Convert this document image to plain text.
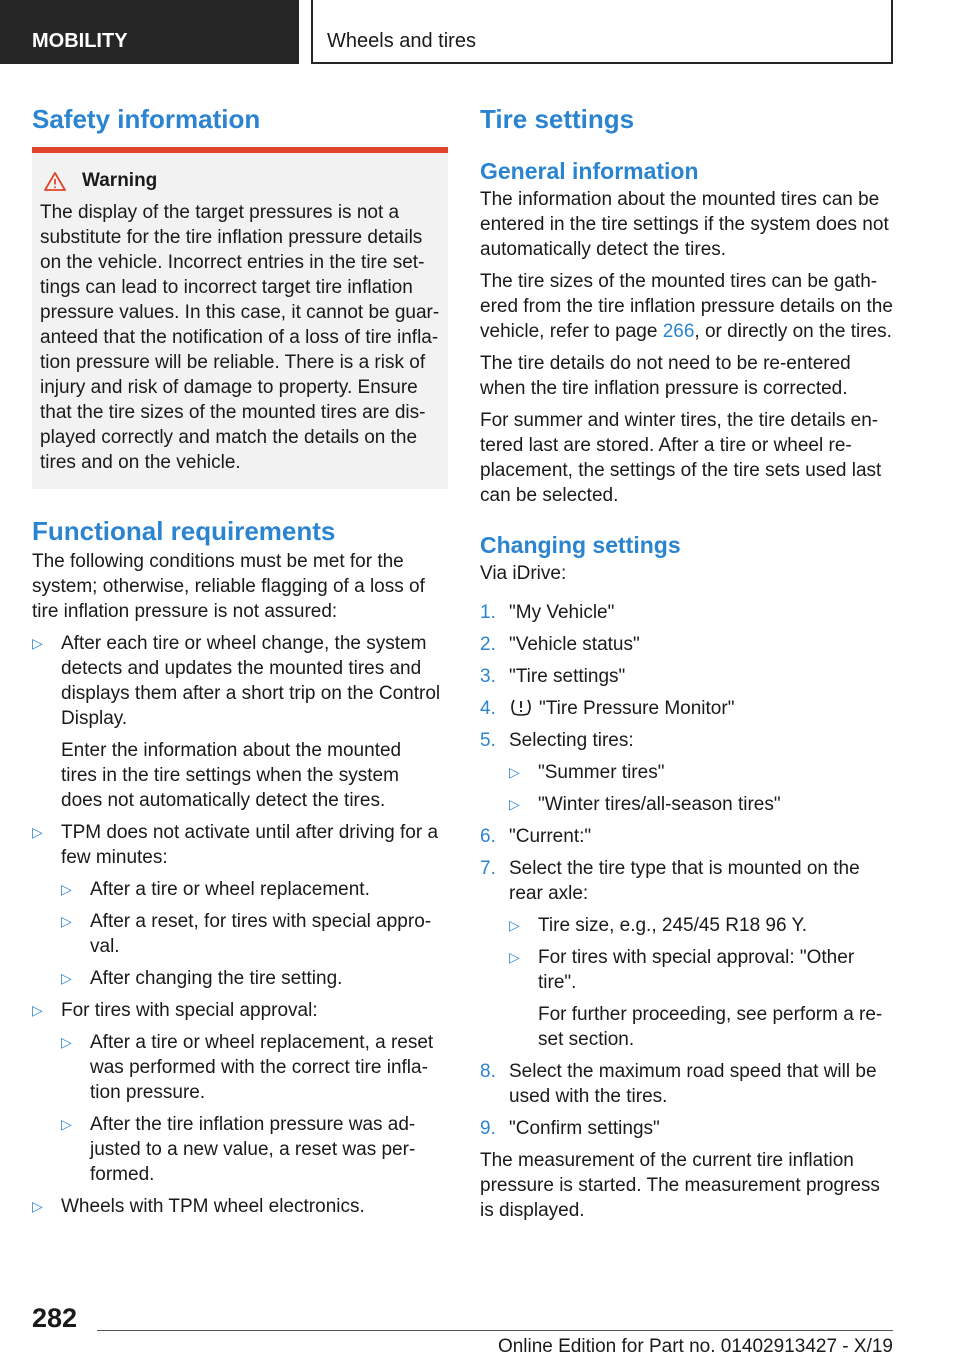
MOBILITY	Wheels and tires
Safety information
Warning

The display of the target pressures is not a
substitute for the tire inflation pressure details
on the vehicle. Incorrect entries in the tire set‐
tings can lead to incorrect target tire inflation
pressure values. In this case, it cannot be guar‐
anteed that the notification of a loss of tire infla‐
tion pressure will be reliable. There is a risk of
injury and risk of damage to property. Ensure
that the tire sizes of the mounted tires are dis‐
played correctly and match the details on the
tires and on the vehicle.

Functional requirements

The following conditions must be met for the
system; otherwise, reliable flagging of a loss of
tire inflation pressure is not assured:

▷ After each tire or wheel change, the system
detects and updates the mounted tires and
displays them after a short trip on the Control
Display.
Enter the information about the mounted
tires in the tire settings when the system
does not automatically detect the tires.
▷ TPM does not activate until after driving for a
few minutes:
▷ After a tire or wheel replacement.
▷ After a reset, for tires with special appro‐
val.
▷ After changing the tire setting.
▷ For tires with special approval:
▷ After a tire or wheel replacement, a reset
was performed with the correct tire infla‐
tion pressure.
▷ After the tire inflation pressure was ad‐
justed to a new value, a reset was per‐
formed.
▷ Wheels with TPM wheel electronics.
Tire settings
General information

The information about the mounted tires can be
entered in the tire settings if the system does not
automatically detect the tires.

The tire sizes of the mounted tires can be gath‐
ered from the tire inflation pressure details on the
vehicle, refer to page 266, or directly on the tires.

The tire details do not need to be re-entered
when the tire inflation pressure is corrected.

For summer and winter tires, the tire details en‐
tered last are stored. After a tire or wheel re‐
placement, the settings of the tire sets used last
can be selected.

Changing settings

Via iDrive:

1. "My Vehicle"
2. "Vehicle status"
3. "Tire settings"
4. "Tire Pressure Monitor"
5. Selecting tires:
▷ "Summer tires"
▷ "Winter tires/all-season tires"
6. "Current:"
7. Select the tire type that is mounted on the
rear axle:
▷ Tire size, e.g., 245/45 R18 96 Y.
▷ For tires with special approval: "Other
tire".
For further proceeding, see perform a re‐
set section.
8. Select the maximum road speed that will be
used with the tires.
9. "Confirm settings"

The measurement of the current tire inflation
pressure is started. The measurement progress
is displayed.

282
Online Edition for Part no. 01402913427 - X/19
